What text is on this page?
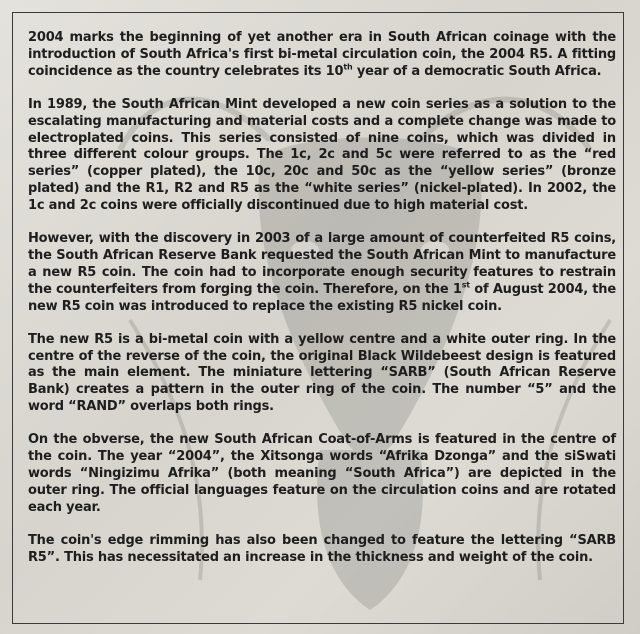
2004 marks the beginning of yet another era in South African coinage with the introduction of South Africa's first bi-metal circulation coin, the 2004 R5. A fitting coincidence as the country celebrates its 10th year of a democratic South Africa.

In 1989, the South African Mint developed a new coin series as a solution to the escalating manufacturing and material costs and a complete change was made to electroplated coins. This series consisted of nine coins, which was divided in three different colour groups. The 1c, 2c and 5c were referred to as the “red series” (copper plated), the 10c, 20c and 50c as the “yellow series” (bronze plated) and the R1, R2 and R5 as the “white series” (nickel-plated). In 2002, the 1c and 2c coins were officially discontinued due to high material cost.

However, with the discovery in 2003 of a large amount of counterfeited R5 coins, the South African Reserve Bank requested the South African Mint to manufacture a new R5 coin. The coin had to incorporate enough security features to restrain the counterfeiters from forging the coin. Therefore, on the 1st of August 2004, the new R5 coin was introduced to replace the existing R5 nickel coin.

The new R5 is a bi-metal coin with a yellow centre and a white outer ring. In the centre of the reverse of the coin, the original Black Wildebeest design is featured as the main element. The miniature lettering “SARB” (South African Reserve Bank) creates a pattern in the outer ring of the coin. The number “5” and the word “RAND” overlaps both rings.

On the obverse, the new South African Coat-of-Arms is featured in the centre of the coin. The year “2004”, the Xitsonga words “Afrika Dzonga” and the siSwati words “Ningizimu Afrika” (both meaning “South Africa”) are depicted in the outer ring. The official languages feature on the circulation coins and are rotated each year.

The coin's edge rimming has also been changed to feature the lettering “SARB R5”. This has necessitated an increase in the thickness and weight of the coin.
